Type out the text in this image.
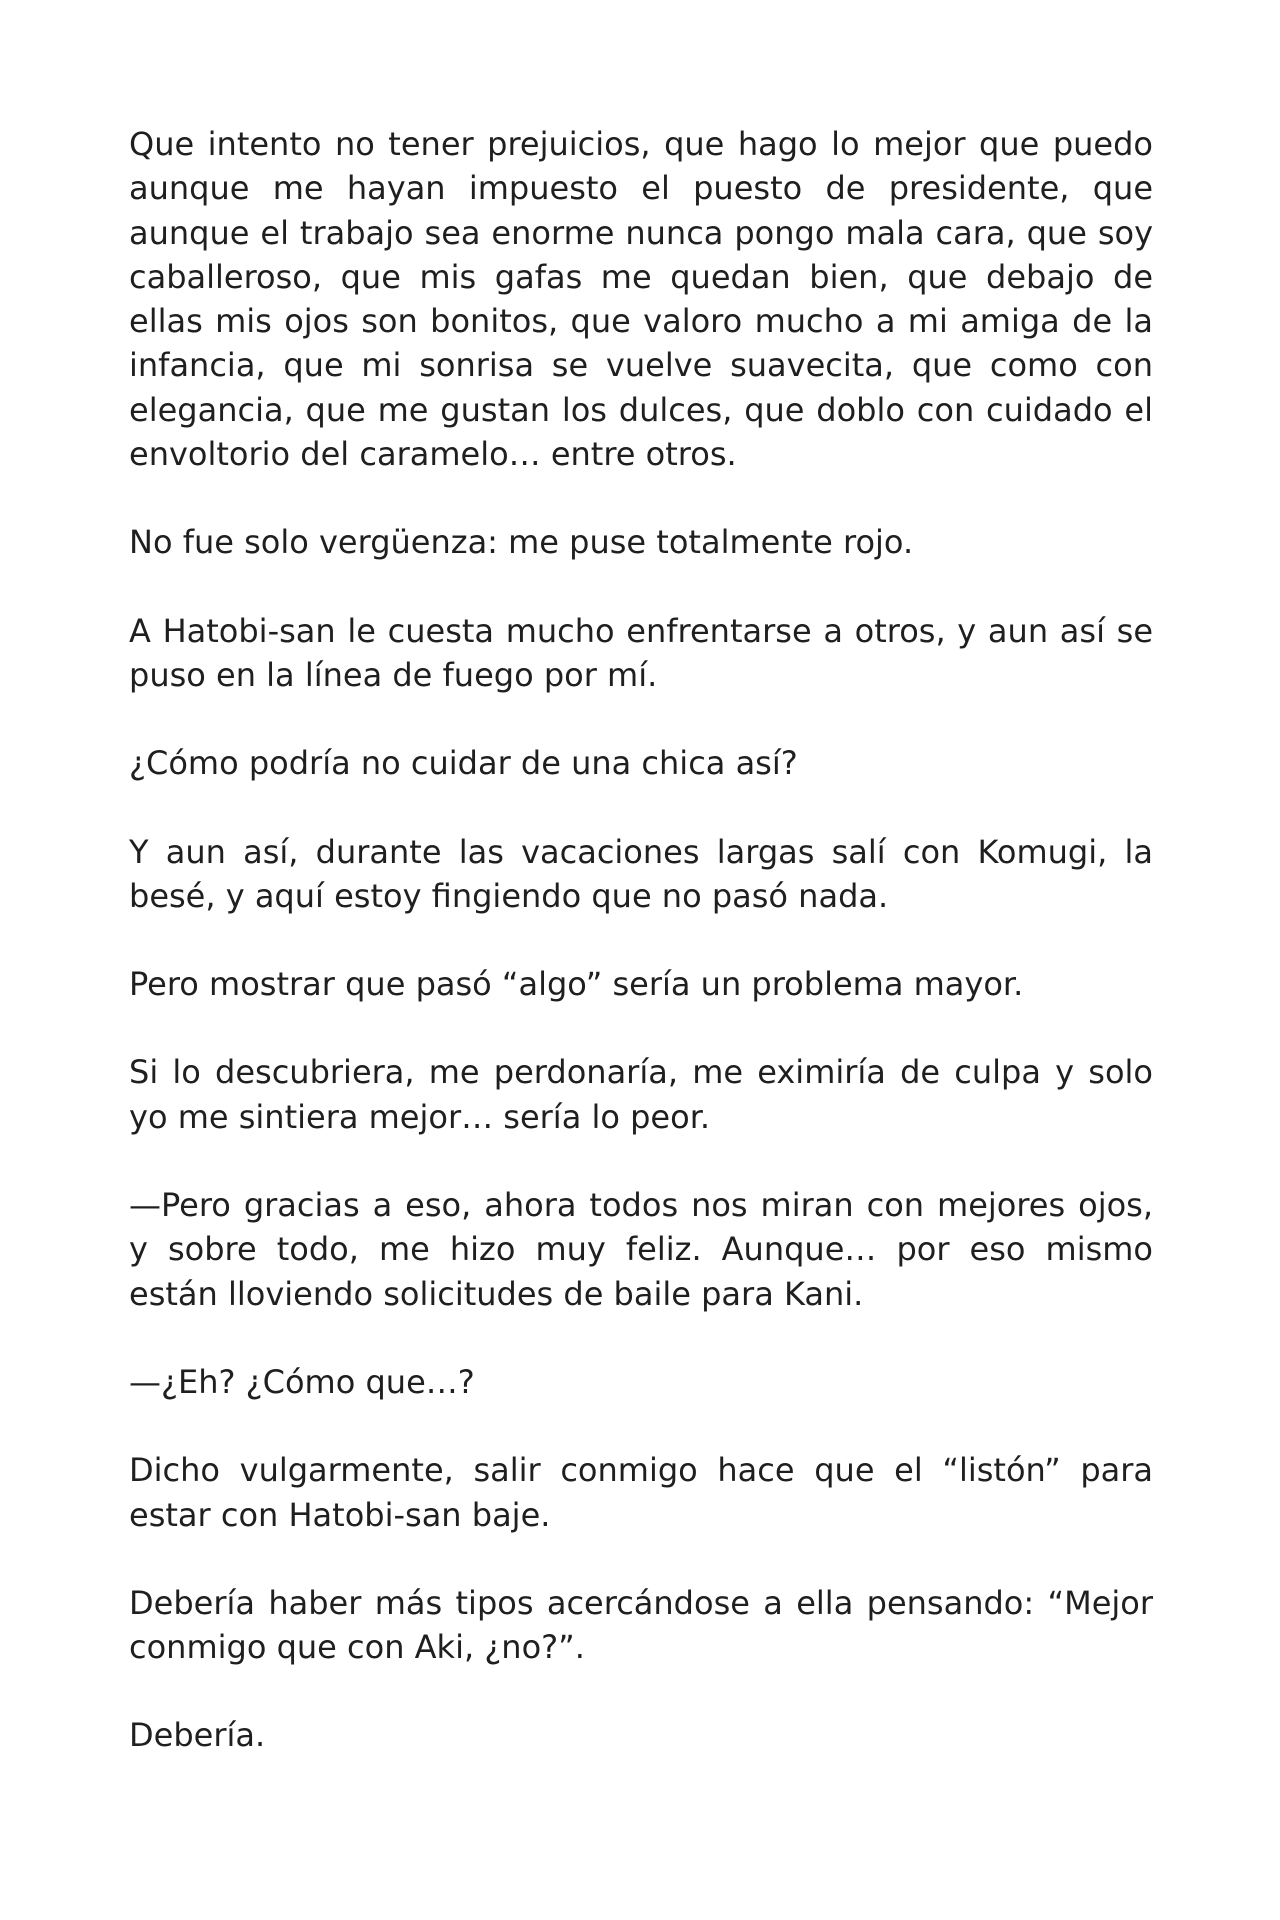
Que intento no tener prejuicios, que hago lo mejor que puedo aunque me hayan impuesto el puesto de presidente, que aunque el trabajo sea enorme nunca pongo mala cara, que soy caballeroso, que mis gafas me quedan bien, que debajo de ellas mis ojos son bonitos, que valoro mucho a mi amiga de la infancia, que mi sonrisa se vuelve suavecita, que como con elegancia, que me gustan los dulces, que doblo con cuidado el envoltorio del caramelo… entre otros.

No fue solo vergüenza: me puse totalmente rojo.

A Hatobi-san le cuesta mucho enfrentarse a otros, y aun así se puso en la línea de fuego por mí.

¿Cómo podría no cuidar de una chica así?

Y aun así, durante las vacaciones largas salí con Komugi, la besé, y aquí estoy fingiendo que no pasó nada.

Pero mostrar que pasó “algo” sería un problema mayor.

Si lo descubriera, me perdonaría, me eximiría de culpa y solo yo me sintiera mejor… sería lo peor.

—Pero gracias a eso, ahora todos nos miran con mejores ojos, y sobre todo, me hizo muy feliz. Aunque… por eso mismo están lloviendo solicitudes de baile para Kani.

—¿Eh? ¿Cómo que…?

Dicho vulgarmente, salir conmigo hace que el “listón” para estar con Hatobi-san baje.

Debería haber más tipos acercándose a ella pensando: “Mejor conmigo que con Aki, ¿no?”.

Debería.
